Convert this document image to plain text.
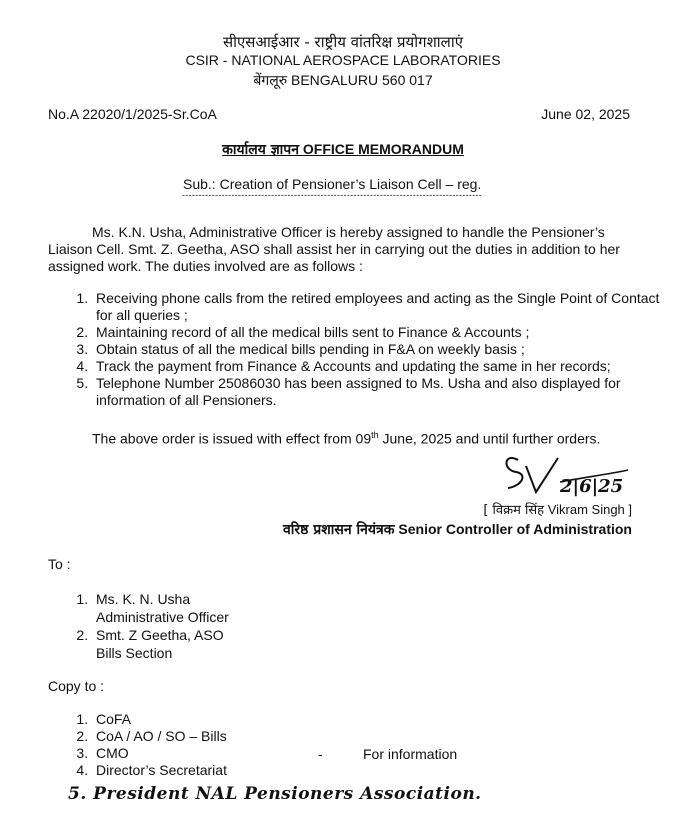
सीएसआईआर - राष्ट्रीय वांतरिक्ष प्रयोगशालाएं
CSIR - NATIONAL AEROSPACE LABORATORIES
बेंगलूरु BENGALURU 560 017
No.A 22020/1/2025-Sr.CoA	June 02, 2025
कार्यालय ज्ञापन OFFICE MEMORANDUM
Sub.: Creation of Pensioner’s Liaison Cell – reg.
-------------------------------------------------------------------------------------------
Ms. K.N. Usha, Administrative Officer is hereby assigned to handle the Pensioner’s Liaison Cell. Smt. Z. Geetha, ASO shall assist her in carrying out the duties in addition to her assigned work. The duties involved are as follows :
1. Receiving phone calls from the retired employees and acting as the Single Point of Contact for all queries ;
2. Maintaining record of all the medical bills sent to Finance & Accounts ;
3. Obtain status of all the medical bills pending in F&A on weekly basis ;
4. Track the payment from Finance & Accounts and updating the same in her records;
5. Telephone Number 25086030 has been assigned to Ms. Usha and also displayed for information of all Pensioners.
The above order is issued with effect from 09th June, 2025 and until further orders.
2|6|25
[ विक्रम सिंह Vikram Singh ]
वरिष्ठ प्रशासन नियंत्रक Senior Controller of Administration
To :
1. Ms. K. N. Usha
Administrative Officer
2. Smt. Z Geetha, ASO
Bills Section
Copy to :
1. CoFA
2. CoA / AO / SO – Bills
3. CMO
4. Director’s Secretariat
-	For information
5. President NAL Pensioners Association.
